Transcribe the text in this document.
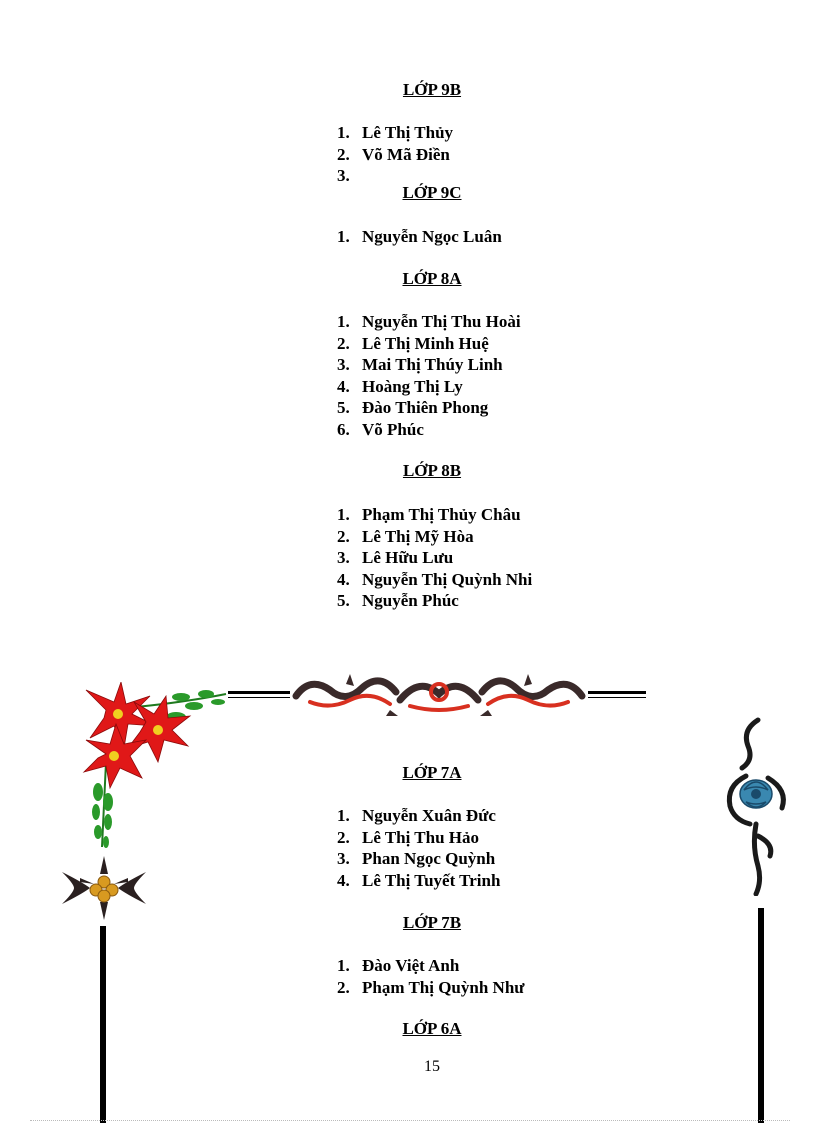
LỚP 9B
1. Lê Thị Thủy
2. Võ Mã Điền
3.
LỚP 9C
1. Nguyễn Ngọc Luân
LỚP 8A
1. Nguyễn Thị Thu Hoài
2. Lê Thị Minh Huệ
3. Mai Thị Thúy Linh
4. Hoàng Thị Ly
5. Đào Thiên Phong
6. Võ Phúc
LỚP 8B
1. Phạm Thị Thủy Châu
2. Lê Thị Mỹ Hòa
3. Lê Hữu Lưu
4. Nguyễn Thị Quỳnh Nhi
5. Nguyễn Phúc
LỚP 7A
1. Nguyễn Xuân Đức
2. Lê Thị Thu Hảo
3. Phan Ngọc Quỳnh
4. Lê Thị Tuyết Trinh
LỚP 7B
1. Đào Việt Anh
2. Phạm Thị Quỳnh Như
LỚP 6A
15
